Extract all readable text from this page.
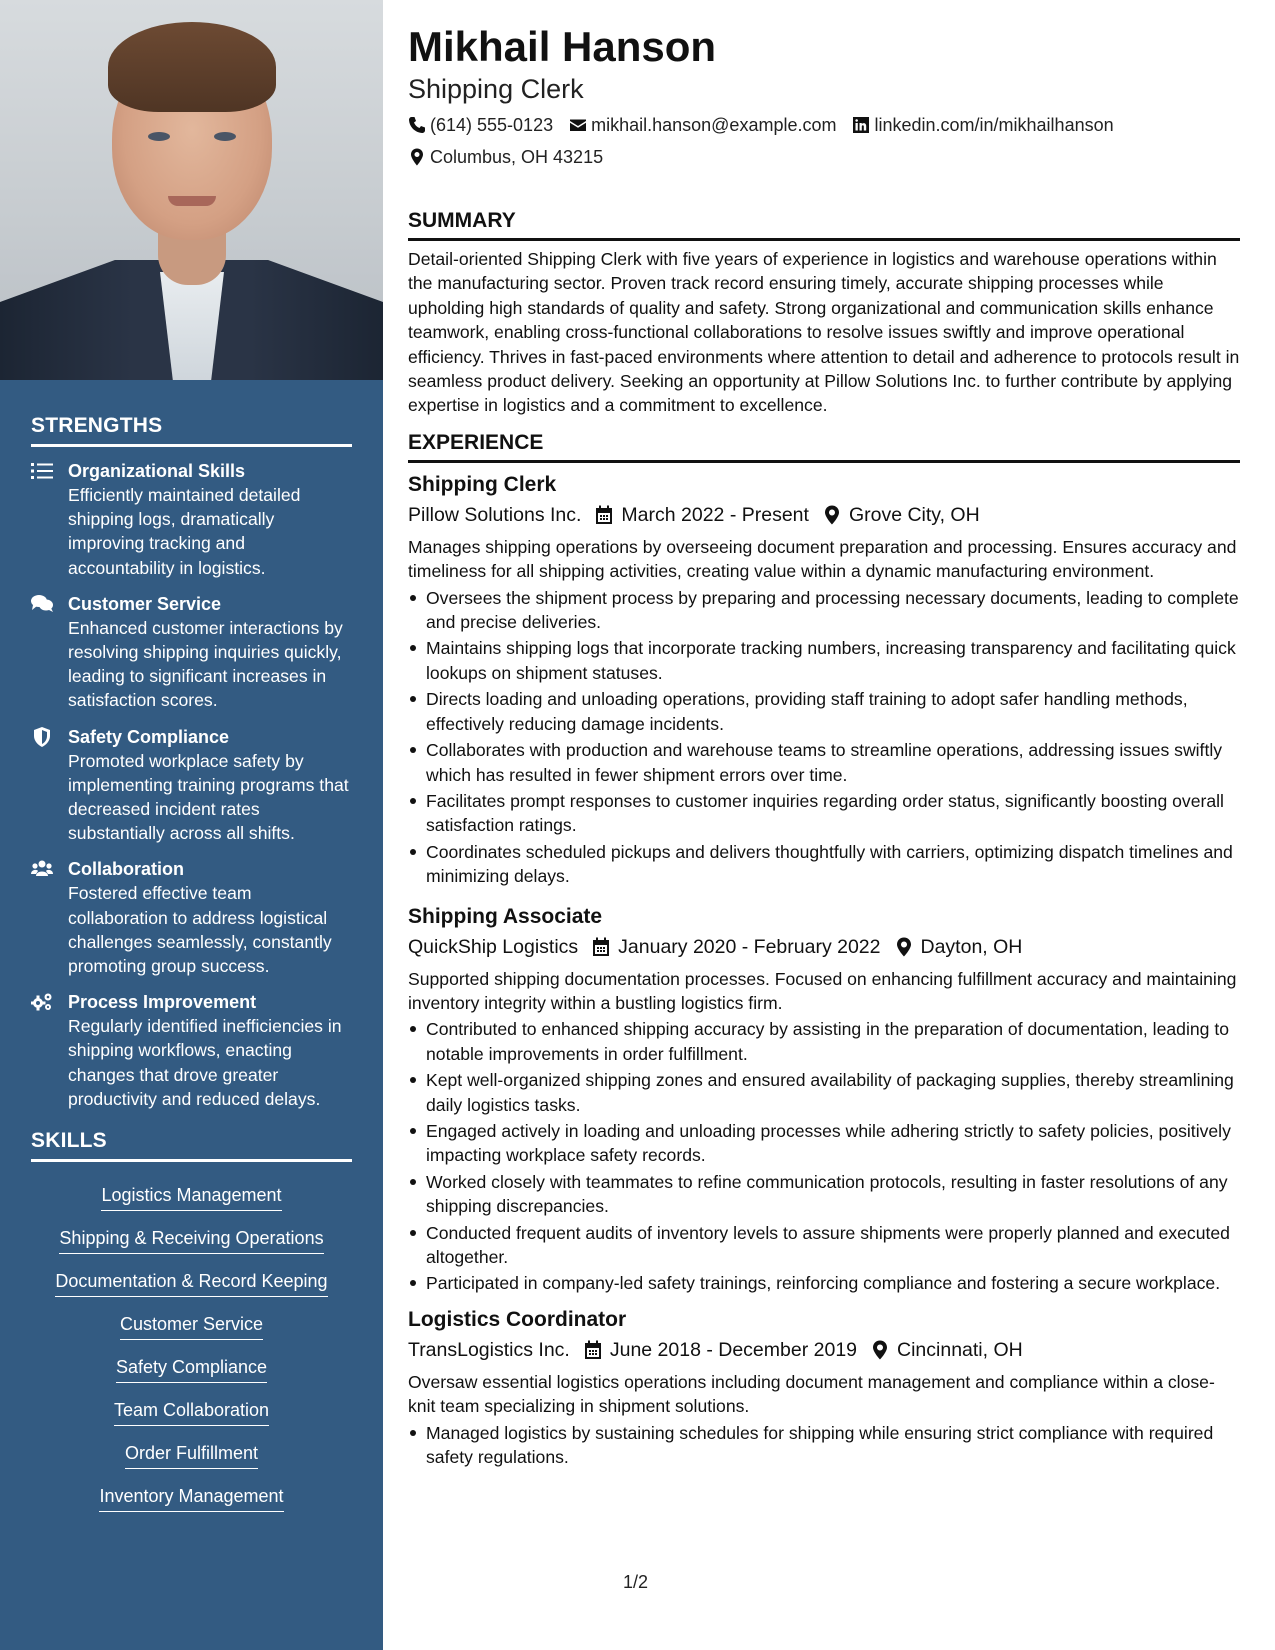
STRENGTHS
Organizational Skills
Efficiently maintained detailed shipping logs, dramatically improving tracking and accountability in logistics.
Customer Service
Enhanced customer interactions by resolving shipping inquiries quickly, leading to significant increases in satisfaction scores.
Safety Compliance
Promoted workplace safety by implementing training programs that decreased incident rates substantially across all shifts.
Collaboration
Fostered effective team collaboration to address logistical challenges seamlessly, constantly promoting group success.
Process Improvement
Regularly identified inefficiencies in shipping workflows, enacting changes that drove greater productivity and reduced delays.
SKILLS
Logistics Management
Shipping & Receiving Operations
Documentation & Record Keeping
Customer Service
Safety Compliance
Team Collaboration
Order Fulfillment
Inventory Management
Mikhail Hanson
Shipping Clerk
(614) 555-0123 mikhail.hanson@example.com linkedin.com/in/mikhailhanson
Columbus, OH 43215
SUMMARY
Detail-oriented Shipping Clerk with five years of experience in logistics and warehouse operations within the manufacturing sector. Proven track record ensuring timely, accurate shipping processes while upholding high standards of quality and safety. Strong organizational and communication skills enhance teamwork, enabling cross-functional collaborations to resolve issues swiftly and improve operational efficiency. Thrives in fast-paced environments where attention to detail and adherence to protocols result in seamless product delivery. Seeking an opportunity at Pillow Solutions Inc. to further contribute by applying expertise in logistics and a commitment to excellence.
EXPERIENCE
Shipping Clerk
Pillow Solutions Inc. March 2022 - Present Grove City, OH
Manages shipping operations by overseeing document preparation and processing. Ensures accuracy and timeliness for all shipping activities, creating value within a dynamic manufacturing environment.
Oversees the shipment process by preparing and processing necessary documents, leading to complete and precise deliveries.
Maintains shipping logs that incorporate tracking numbers, increasing transparency and facilitating quick lookups on shipment statuses.
Directs loading and unloading operations, providing staff training to adopt safer handling methods, effectively reducing damage incidents.
Collaborates with production and warehouse teams to streamline operations, addressing issues swiftly which has resulted in fewer shipment errors over time.
Facilitates prompt responses to customer inquiries regarding order status, significantly boosting overall satisfaction ratings.
Coordinates scheduled pickups and delivers thoughtfully with carriers, optimizing dispatch timelines and minimizing delays.
Shipping Associate
QuickShip Logistics January 2020 - February 2022 Dayton, OH
Supported shipping documentation processes. Focused on enhancing fulfillment accuracy and maintaining inventory integrity within a bustling logistics firm.
Contributed to enhanced shipping accuracy by assisting in the preparation of documentation, leading to notable improvements in order fulfillment.
Kept well-organized shipping zones and ensured availability of packaging supplies, thereby streamlining daily logistics tasks.
Engaged actively in loading and unloading processes while adhering strictly to safety policies, positively impacting workplace safety records.
Worked closely with teammates to refine communication protocols, resulting in faster resolutions of any shipping discrepancies.
Conducted frequent audits of inventory levels to assure shipments were properly planned and executed altogether.
Participated in company-led safety trainings, reinforcing compliance and fostering a secure workplace.
Logistics Coordinator
TransLogistics Inc. June 2018 - December 2019 Cincinnati, OH
Oversaw essential logistics operations including document management and compliance within a close-knit team specializing in shipment solutions.
Managed logistics by sustaining schedules for shipping while ensuring strict compliance with required safety regulations.
1/2
